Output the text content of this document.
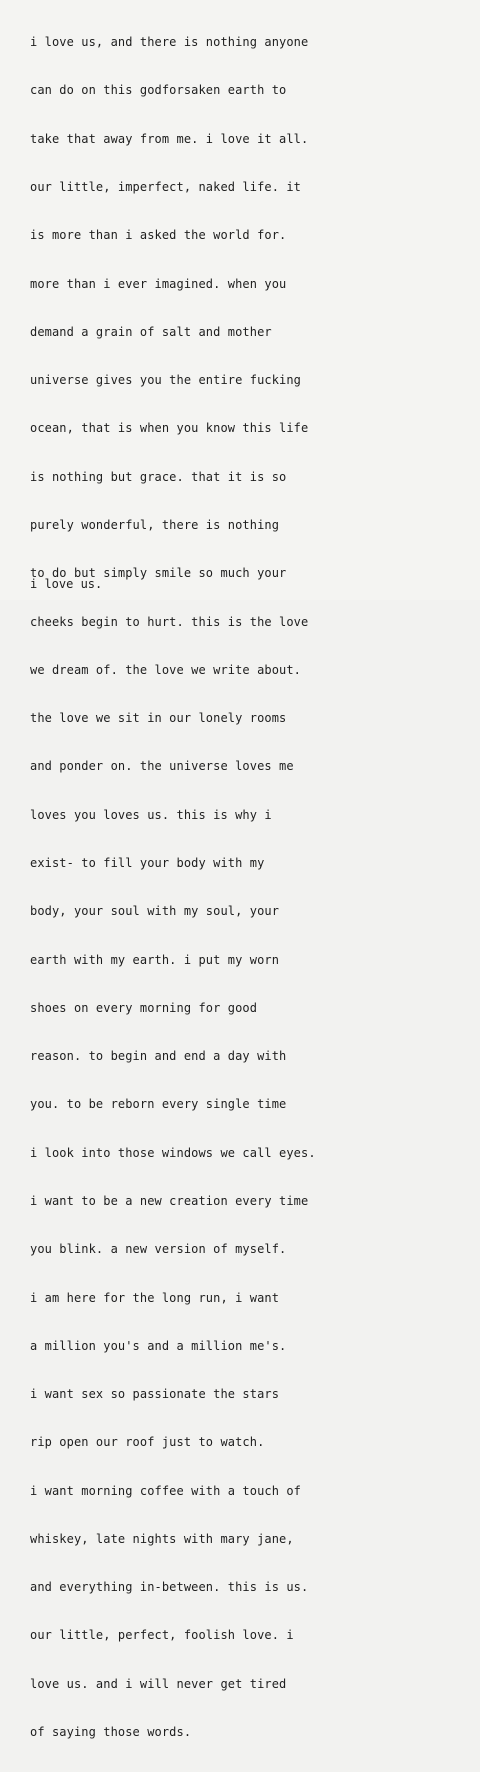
i love us, and there is nothing anyone

can do on this godforsaken earth to

take that away from me. i love it all.

our little, imperfect, naked life. it

is more than i asked the world for.

more than i ever imagined. when you

demand a grain of salt and mother

universe gives you the entire fucking

ocean, that is when you know this life

is nothing but grace. that it is so

purely wonderful, there is nothing

to do but simply smile so much your

cheeks begin to hurt. this is the love

we dream of. the love we write about.

the love we sit in our lonely rooms

and ponder on. the universe loves me

loves you loves us. this is why i

exist- to fill your body with my

body, your soul with my soul, your

earth with my earth. i put my worn

shoes on every morning for good

reason. to begin and end a day with

you. to be reborn every single time

i look into those windows we call eyes.

i want to be a new creation every time

you blink. a new version of myself.

i am here for the long run, i want

a million you's and a million me's.

i want sex so passionate the stars

rip open our roof just to watch.

i want morning coffee with a touch of

whiskey, late nights with mary jane,

and everything in-between. this is us.

our little, perfect, foolish love. i

love us. and i will never get tired

of saying those words.

i love us.
